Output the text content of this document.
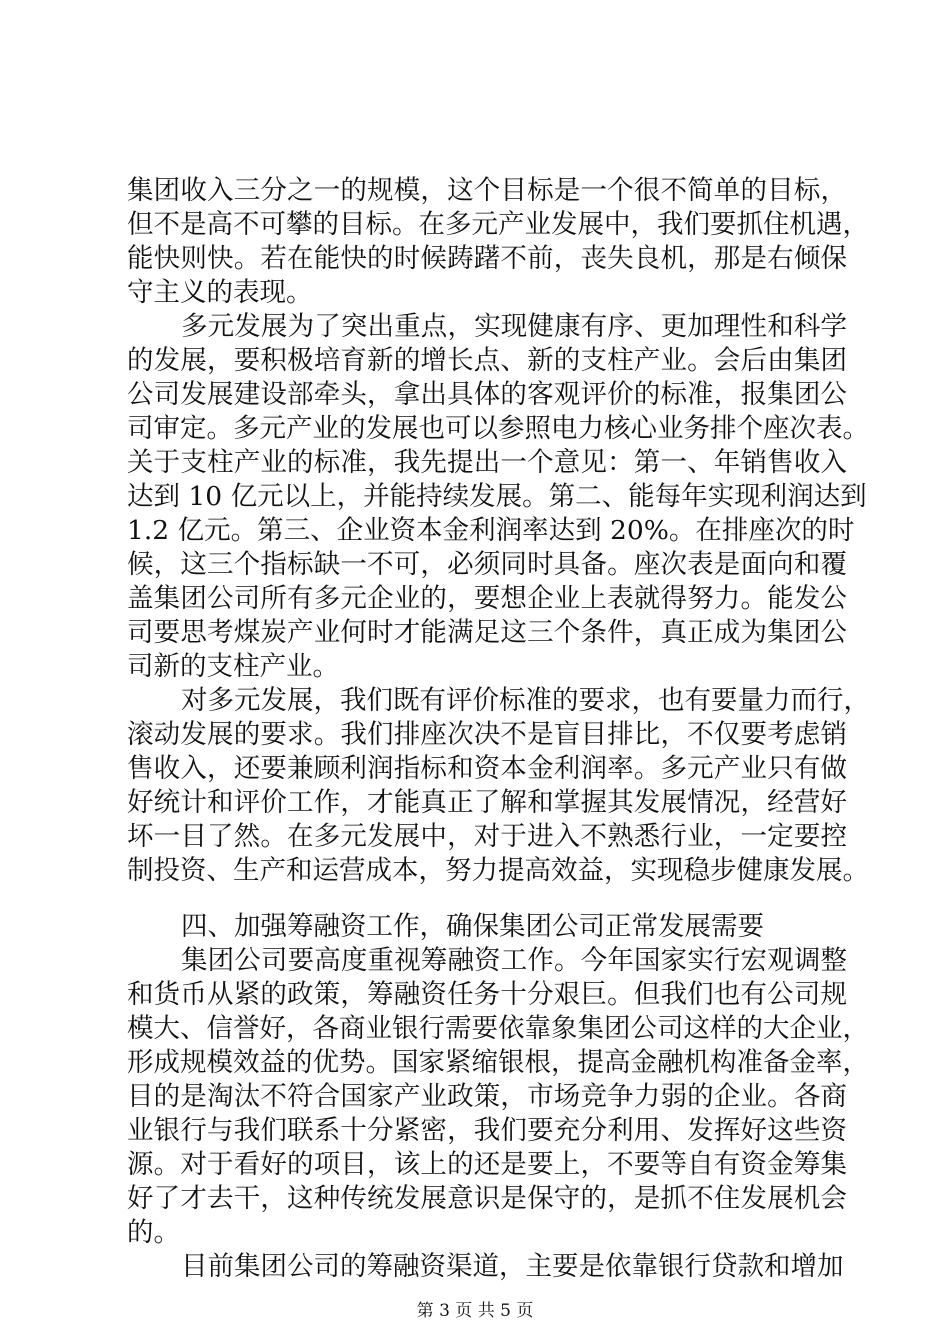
集团收入三分之一的规模，这个目标是一个很不简单的目标，
但不是高不可攀的目标。在多元产业发展中，我们要抓住机遇，
能快则快。若在能快的时候踌躇不前，丧失良机，那是右倾保
守主义的表现。
多元发展为了突出重点，实现健康有序、更加理性和科学
的发展，要积极培育新的增长点、新的支柱产业。会后由集团
公司发展建设部牵头，拿出具体的客观评价的标准，报集团公
司审定。多元产业的发展也可以参照电力核心业务排个座次表。
关于支柱产业的标准，我先提出一个意见：第一、年销售收入
达到 10 亿元以上，并能持续发展。第二、能每年实现利润达到
1.2 亿元。第三、企业资本金利润率达到 20%。在排座次的时
候，这三个指标缺一不可，必须同时具备。座次表是面向和覆
盖集团公司所有多元企业的，要想企业上表就得努力。能发公
司要思考煤炭产业何时才能满足这三个条件，真正成为集团公
司新的支柱产业。
对多元发展，我们既有评价标准的要求，也有要量力而行，
滚动发展的要求。我们排座次决不是盲目排比，不仅要考虑销
售收入，还要兼顾利润指标和资本金利润率。多元产业只有做
好统计和评价工作，才能真正了解和掌握其发展情况，经营好
坏一目了然。在多元发展中，对于进入不熟悉行业，一定要控
制投资、生产和运营成本，努力提高效益，实现稳步健康发展。
四、加强筹融资工作，确保集团公司正常发展需要
集团公司要高度重视筹融资工作。今年国家实行宏观调整
和货币从紧的政策，筹融资任务十分艰巨。但我们也有公司规
模大、信誉好，各商业银行需要依靠象集团公司这样的大企业，
形成规模效益的优势。国家紧缩银根，提高金融机构准备金率，
目的是淘汰不符合国家产业政策，市场竞争力弱的企业。各商
业银行与我们联系十分紧密，我们要充分利用、发挥好这些资
源。对于看好的项目，该上的还是要上，不要等自有资金筹集
好了才去干，这种传统发展意识是保守的，是抓不住发展机会
的。
目前集团公司的筹融资渠道，主要是依靠银行贷款和增加
第 3 页 共 5 页
